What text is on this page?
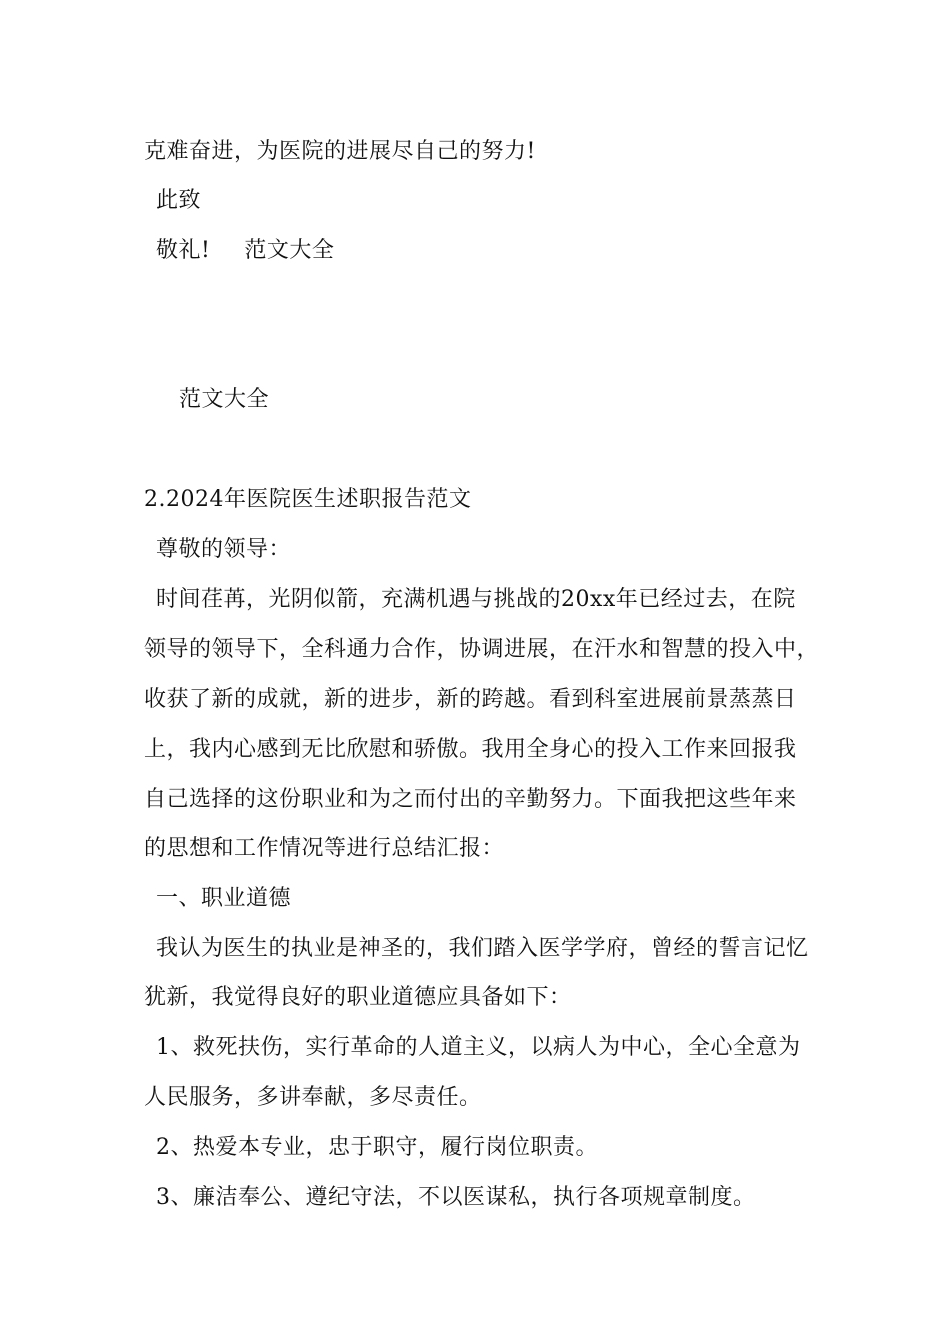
克难奋进，为医院的进展尽自己的努力!
此致
敬礼! 范文大全
范文大全
2.2024年医院医生述职报告范文
尊敬的领导：
时间荏苒，光阴似箭，充满机遇与挑战的20xx年已经过去，在院
领导的领导下，全科通力合作，协调进展，在汗水和智慧的投入中，
收获了新的成就，新的进步，新的跨越。看到科室进展前景蒸蒸日
上，我内心感到无比欣慰和骄傲。我用全身心的投入工作来回报我
自己选择的这份职业和为之而付出的辛勤努力。下面我把这些年来
的思想和工作情况等进行总结汇报：
一、职业道德
我认为医生的执业是神圣的，我们踏入医学学府，曾经的誓言记忆
犹新，我觉得良好的职业道德应具备如下：
1、救死扶伤，实行革命的人道主义，以病人为中心，全心全意为
人民服务，多讲奉献，多尽责任。
2、热爱本专业，忠于职守，履行岗位职责。
3、廉洁奉公、遵纪守法，不以医谋私，执行各项规章制度。
